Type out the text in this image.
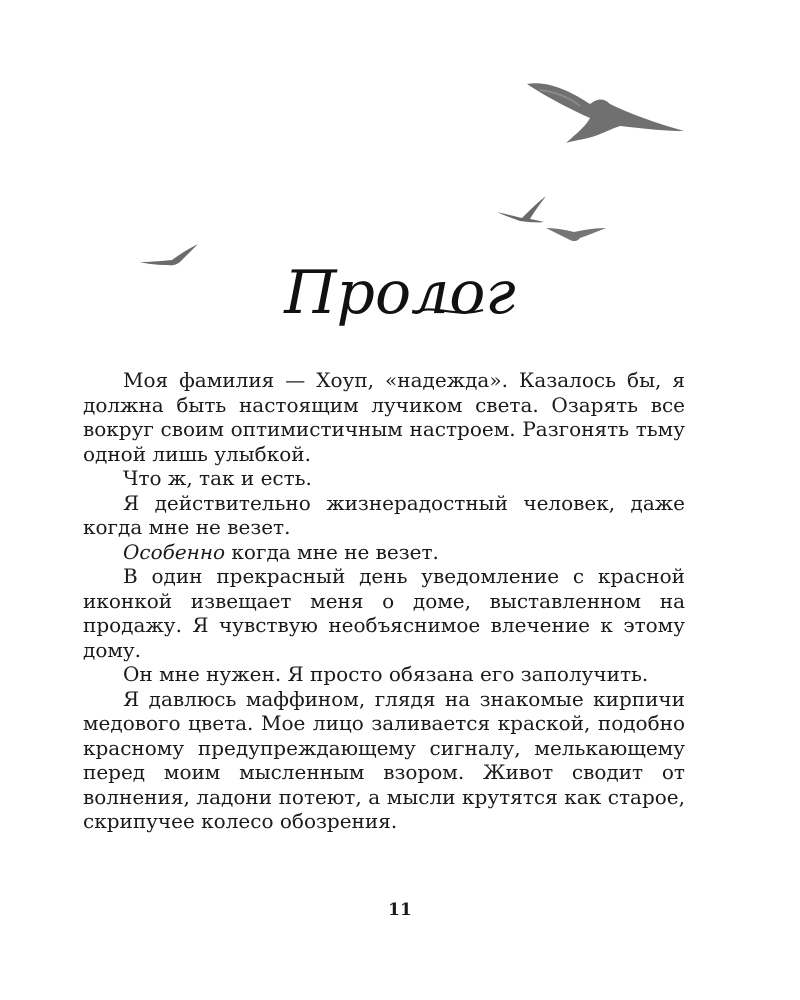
Пролог

Моя фамилия — Хоуп, «надежда». Казалось бы, я должна быть настоящим лучиком света. Озарять все вокруг своим оптимистичным настроем. Разгонять тьму одной лишь улыбкой.

Что ж, так и есть.

Я действительно жизнерадостный человек, даже когда мне не везет.

Особенно когда мне не везет.

В один прекрасный день уведомление с красной иконкой извещает меня о доме, выставленном на продажу. Я чувствую необъяснимое влечение к этому дому.

Он мне нужен. Я просто обязана его заполучить.

Я давлюсь маффином, глядя на знакомые кирпичи медового цвета. Мое лицо заливается краской, подобно красному предупреждающему сигналу, мелькающему перед моим мысленным взором. Живот сводит от волнения, ладони потеют, а мысли крутятся как старое, скрипучее колесо обозрения.

11
